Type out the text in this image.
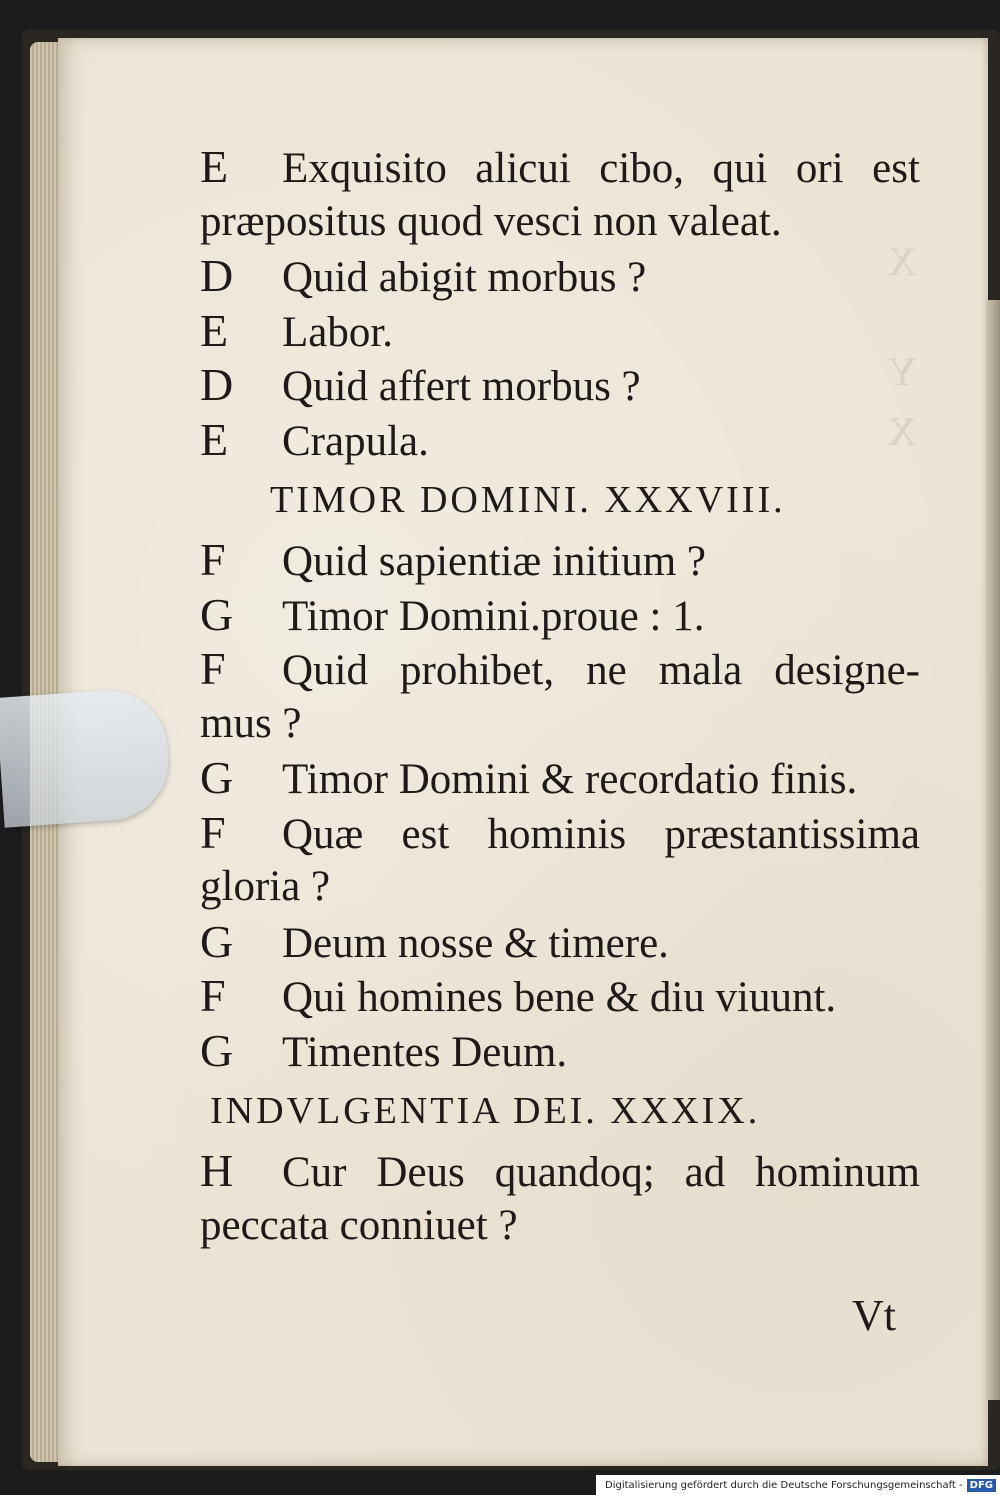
X
Y
X
E	Exquisito alicui cibo, qui ori est
præpositus quod vesci non valeat.
D	Quid abigit morbus ?
E	Labor.
D	Quid affert morbus ?
E	Crapula.
TIMOR DOMINI. XXXVIII.
F	Quid sapientiæ initium ?
G	Timor Domini.proue : 1.
F	Quid prohibet, ne mala designe-
mus ?
G	Timor Domini & recordatio finis.
F	Quæ est hominis præstantissima
gloria ?
G	Deum nosse & timere.
F	Qui homines bene & diu viuunt.
G	Timentes Deum.
INDVLGENTIA DEI. XXXIX.
H	Cur Deus quandoq; ad hominum
peccata conniuet ?
Vt
Digitalisierung gefördert durch die Deutsche Forschungsgemeinschaft - DFG
